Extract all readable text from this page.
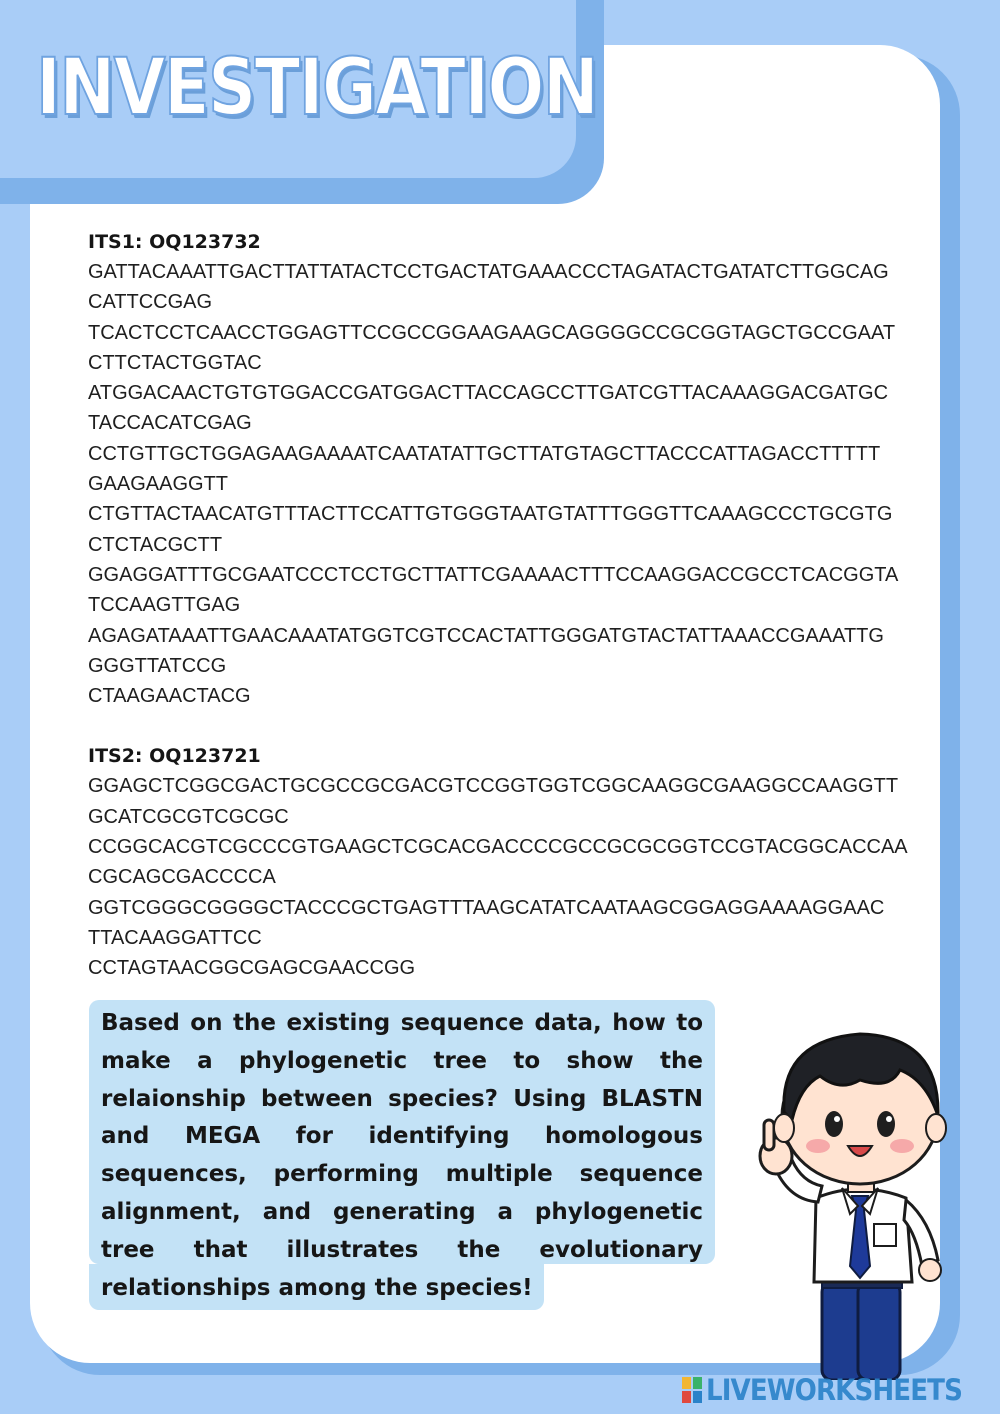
INVESTIGATION
ITS1: OQ123732
GATTACAAATTGACTTATTATACTCCTGACTATGAAACCCTAGATACTGATATCTTGGCAG
CATTCCGAG
TCACTCCTCAACCTGGAGTTCCGCCGGAAGAAGCAGGGGCCGCGGTAGCTGCCGAAT
CTTCTACTGGTAC
ATGGACAACTGTGTGGACCGATGGACTTACCAGCCTTGATCGTTACAAAGGACGATGC
TACCACATCGAG
CCTGTTGCTGGAGAAGAAAATCAATATATTGCTTATGTAGCTTACCCATTAGACCTTTTT
GAAGAAGGTT
CTGTTACTAACATGTTTACTTCCATTGTGGGTAATGTATTTGGGTTCAAAGCCCTGCGTG
CTCTACGCTT
GGAGGATTTGCGAATCCCTCCTGCTTATTCGAAAACTTTCCAAGGACCGCCTCACGGTA
TCCAAGTTGAG
AGAGATAAATTGAACAAATATGGTCGTCCACTATTGGGATGTACTATTAAACCGAAATTG
GGGTTATCCG
CTAAGAACTACG
ITS2: OQ123721
GGAGCTCGGCGACTGCGCCGCGACGTCCGGTGGTCGGCAAGGCGAAGGCCAAGGTT
GCATCGCGTCGCGC
CCGGCACGTCGCCCGTGAAGCTCGCACGACCCCGCCGCGCGGTCCGTACGGCACCAA
CGCAGCGACCCCA
GGTCGGGCGGGGCTACCCGCTGAGTTTAAGCATATCAATAAGCGGAGGAAAAGGAAC
TTACAAGGATTCC
CCTAGTAACGGCGAGCGAACCGG

Based on the existing sequence data, how to make a phylogenetic tree to show the relaionship between species? Using BLASTN and MEGA for identifying homologous sequences, performing multiple sequence alignment, and generating a phylogenetic tree that illustrates the evolutionary relationships among the species!

LIVEWORKSHEETS
